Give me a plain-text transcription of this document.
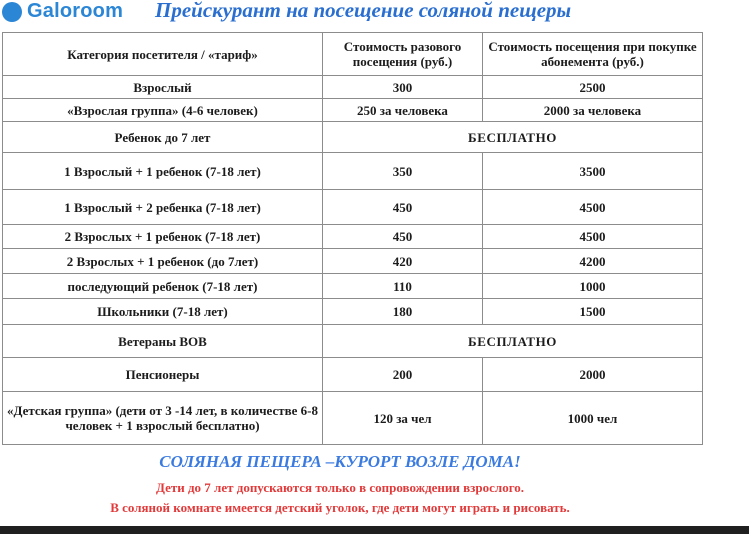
Galoroom Прейскурант на посещение соляной пещеры
Категория посетителя / «тариф»	Стоимость разового посещения (руб.)	Стоимость посещения при покупке абонемента (руб.)
Взрослый	300	2500
«Взрослая группа» (4-6 человек)	250 за человека	2000 за человека
Ребенок до 7 лет	БЕСПЛАТНО	
1 Взрослый + 1 ребенок (7-18 лет)	350	3500
1 Взрослый + 2 ребенка (7-18 лет)	450	4500
2 Взрослых + 1 ребенок (7-18 лет)	450	4500
2 Взрослых + 1 ребенок (до 7лет)	420	4200
последующий ребенок (7-18 лет)	110	1000
Школьники (7-18 лет)	180	1500
Ветераны ВОВ	БЕСПЛАТНО	
Пенсионеры	200	2000
«Детская группа» (дети от 3 -14 лет, в количестве 6-8 человек + 1 взрослый бесплатно)	120 за чел	1000 чел
СОЛЯНАЯ ПЕЩЕРА –КУРОРТ ВОЗЛЕ ДОМА!
Дети до 7 лет допускаются только в сопровождении взрослого.
В соляной комнате имеется детский уголок, где дети могут играть и рисовать.
